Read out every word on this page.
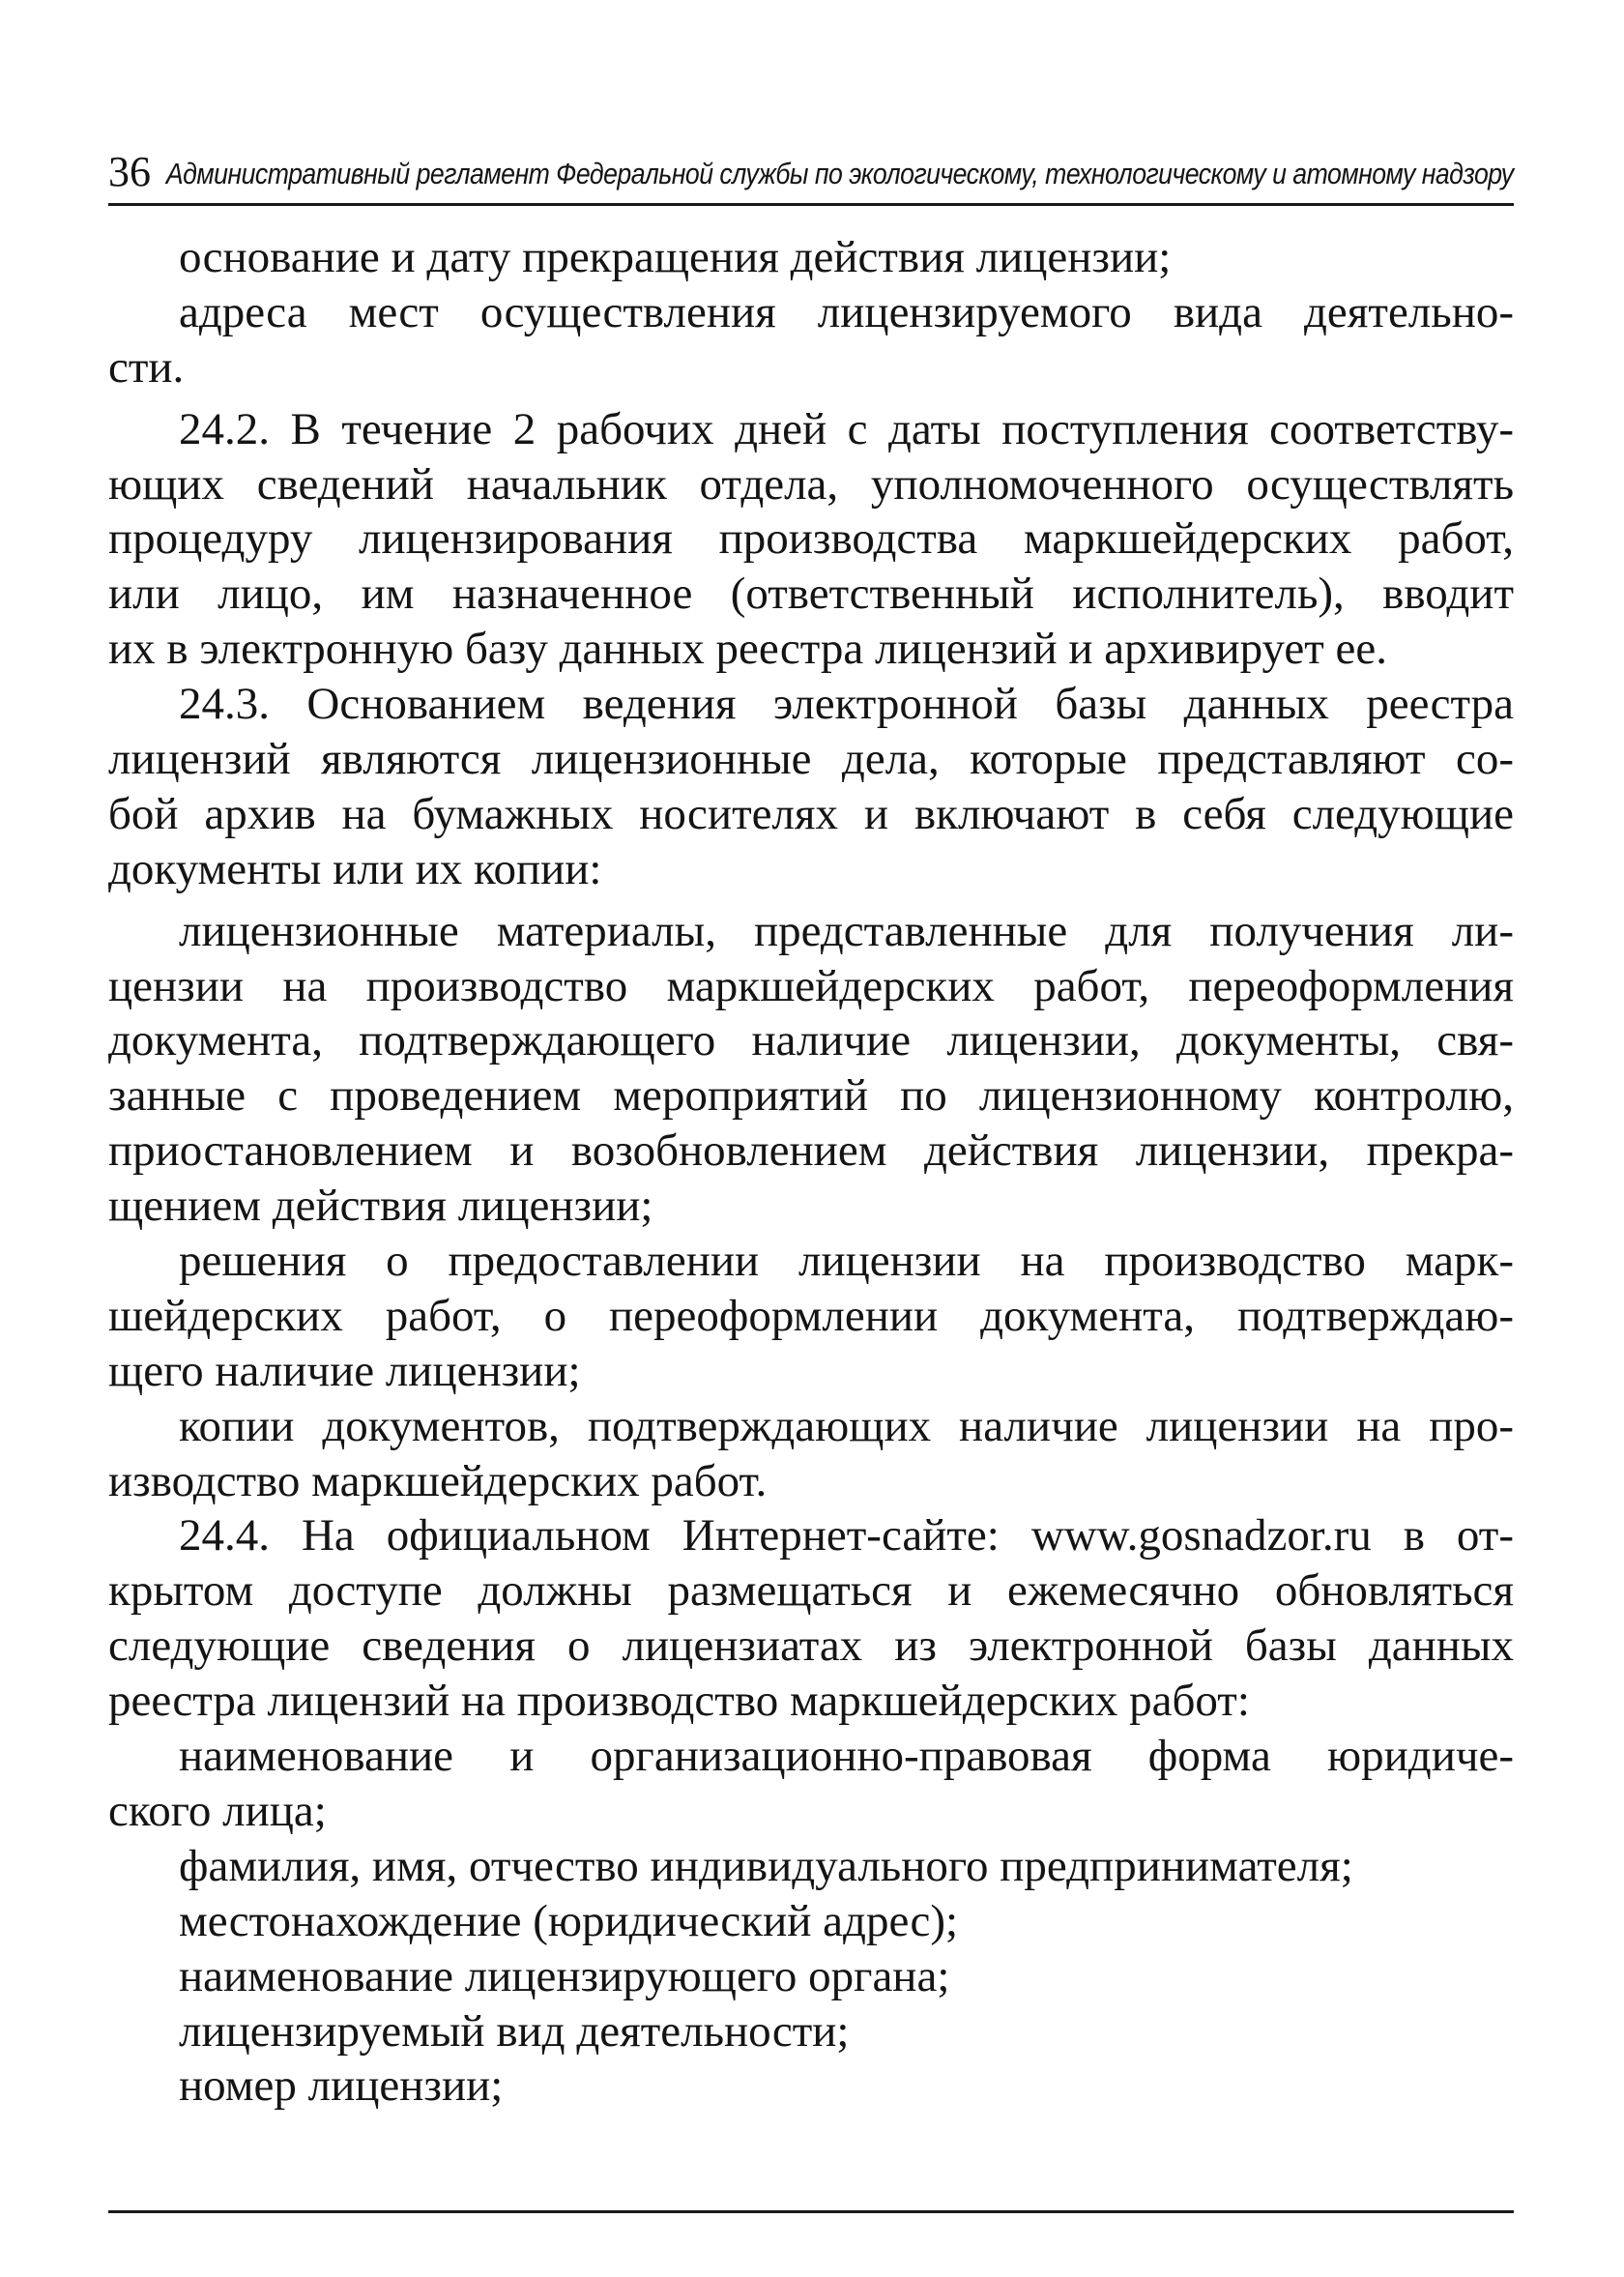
36 Административный регламент Федеральной службы по экологическому, технологическому и атомному надзору
основание и дату прекращения действия лицензии;
адреса мест осуществления лицензируемого вида деятельно-
сти.
24.2. В течение 2 рабочих дней с даты поступления соответству-
ющих сведений начальник отдела, уполномоченного осуществлять
процедуру лицензирования производства маркшейдерских работ,
или лицо, им назначенное (ответственный исполнитель), вводит
их в электронную базу данных реестра лицензий и архивирует ее.
24.3. Основанием ведения электронной базы данных реестра
лицензий являются лицензионные дела, которые представляют со-
бой архив на бумажных носителях и включают в себя следующие
документы или их копии:
лицензионные материалы, представленные для получения ли-
цензии на производство маркшейдерских работ, переоформления
документа, подтверждающего наличие лицензии, документы, свя-
занные с проведением мероприятий по лицензионному контролю,
приостановлением и возобновлением действия лицензии, прекра-
щением действия лицензии;
решения о предоставлении лицензии на производство марк-
шейдерских работ, о переоформлении документа, подтверждаю-
щего наличие лицензии;
копии документов, подтверждающих наличие лицензии на про-
изводство маркшейдерских работ.
24.4. На официальном Интернет-сайте: www.gosnadzor.ru в от-
крытом доступе должны размещаться и ежемесячно обновляться
следующие сведения о лицензиатах из электронной базы данных
реестра лицензий на производство маркшейдерских работ:
наименование и организационно-правовая форма юридиче-
ского лица;
фамилия, имя, отчество индивидуального предпринимателя;
местонахождение (юридический адрес);
наименование лицензирующего органа;
лицензируемый вид деятельности;
номер лицензии;
